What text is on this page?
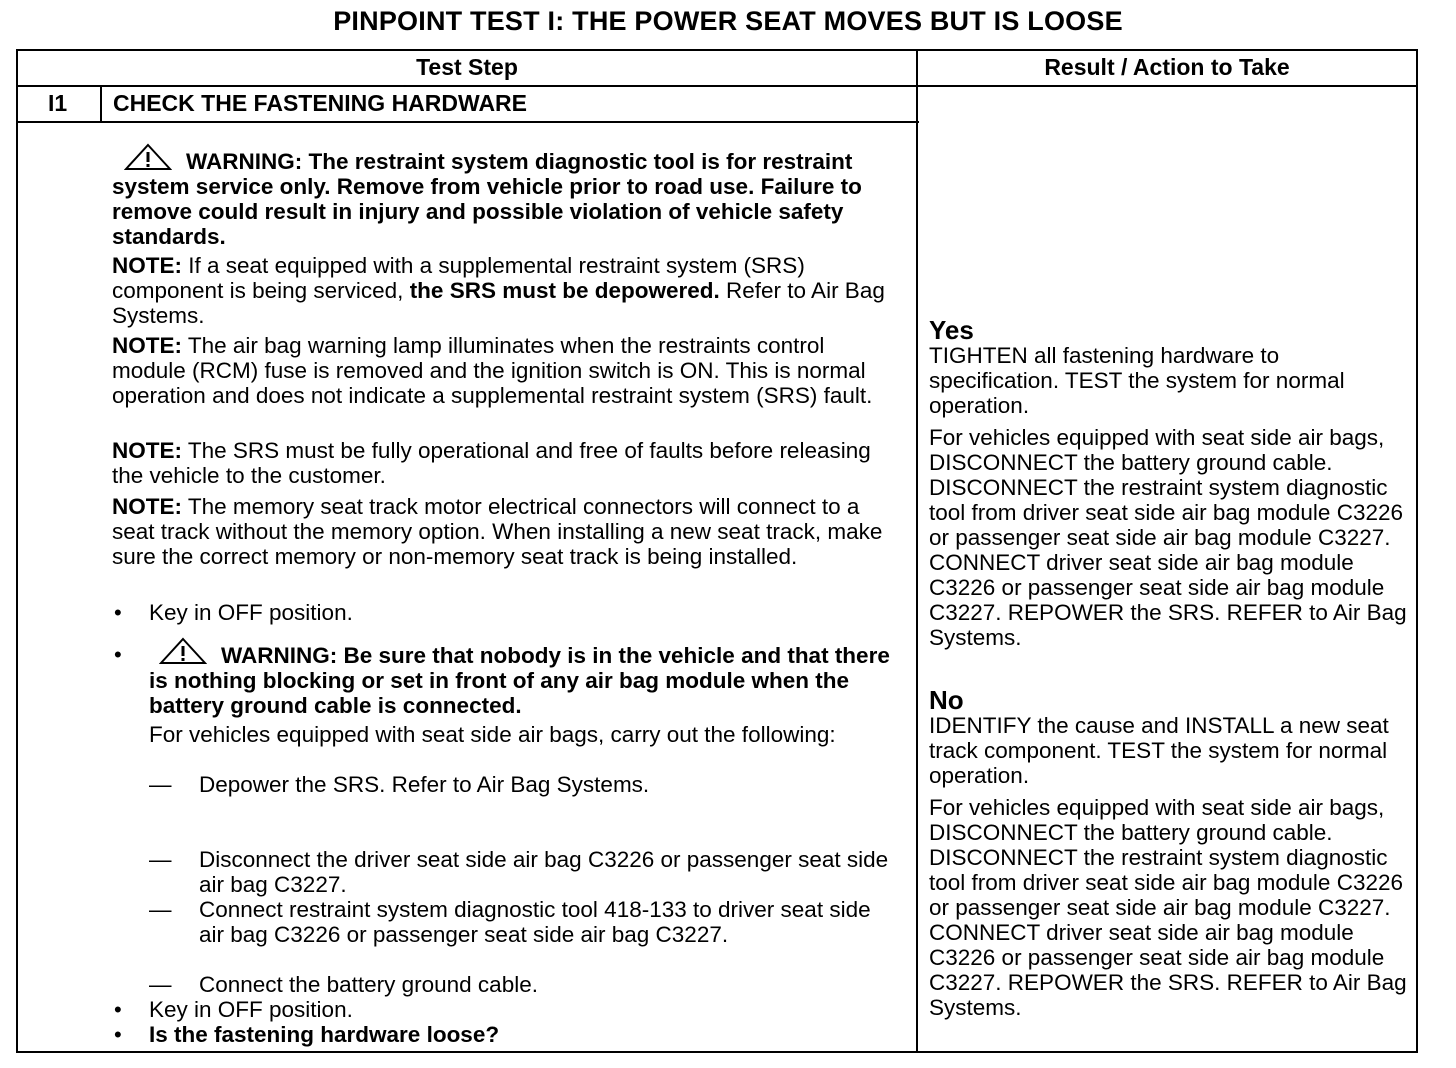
PINPOINT TEST I: THE POWER SEAT MOVES BUT IS LOOSE
Test Step	Result / Action to Take
I1 CHECK THE FASTENING HARDWARE
WARNING: The restraint system diagnostic tool is for restraint system service only. Remove from vehicle prior to road use. Failure to remove could result in injury and possible violation of vehicle safety standards.
NOTE: If a seat equipped with a supplemental restraint system (SRS) component is being serviced, the SRS must be depowered. Refer to Air Bag Systems.
NOTE: The air bag warning lamp illuminates when the restraints control module (RCM) fuse is removed and the ignition switch is ON. This is normal operation and does not indicate a supplemental restraint system (SRS) fault.
NOTE: The SRS must be fully operational and free of faults before releasing the vehicle to the customer.
NOTE: The memory seat track motor electrical connectors will connect to a seat track without the memory option. When installing a new seat track, make sure the correct memory or non-memory seat track is being installed.
• Key in OFF position.
•	WARNING: Be sure that nobody is in the vehicle and that there is nothing blocking or set in front of any air bag module when the battery ground cable is connected.
For vehicles equipped with seat side air bags, carry out the following:
— Depower the SRS. Refer to Air Bag Systems.
— Disconnect the driver seat side air bag C3226 or passenger seat side air bag C3227.
— Connect restraint system diagnostic tool 418-133 to driver seat side air bag C3226 or passenger seat side air bag C3227.
— Connect the battery ground cable.
• Key in OFF position.
• Is the fastening hardware loose?
Yes

TIGHTEN all fastening hardware to specification. TEST the system for normal operation.

For vehicles equipped with seat side air bags, DISCONNECT the battery ground cable. DISCONNECT the restraint system diagnostic tool from driver seat side air bag module C3226 or passenger seat side air bag module C3227. CONNECT driver seat side air bag module C3226 or passenger seat side air bag module C3227. REPOWER the SRS. REFER to Air Bag Systems.

No

IDENTIFY the cause and INSTALL a new seat track component. TEST the system for normal operation.

For vehicles equipped with seat side air bags, DISCONNECT the battery ground cable. DISCONNECT the restraint system diagnostic tool from driver seat side air bag module C3226 or passenger seat side air bag module C3227. CONNECT driver seat side air bag module C3226 or passenger seat side air bag module C3227. REPOWER the SRS. REFER to Air Bag Systems.
